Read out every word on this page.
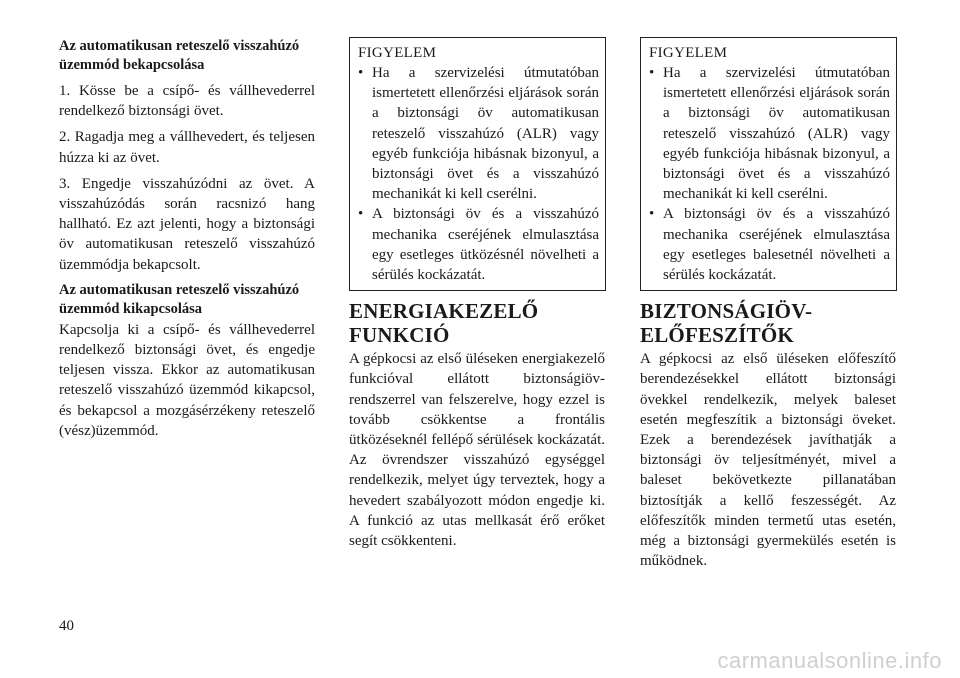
Az automatikusan reteszelő visszahúzó üzemmód bekapcsolása

1. Kösse be a csípő- és vállhevederrel rendelkező biztonsági övet.

2. Ragadja meg a vállhevedert, és teljesen húzza ki az övet.

3. Engedje visszahúzódni az övet. A visszahúzódás során racsnizó hang hallható. Ez azt jelenti, hogy a biztonsági öv automatikusan reteszelő visszahúzó üzemmódja bekapcsolt.

Az automatikusan reteszelő visszahúzó üzemmód kikapcsolása

Kapcsolja ki a csípő- és vállhevederrel rendelkező biztonsági övet, és engedje teljesen vissza. Ekkor az automatikusan reteszelő visszahúzó üzemmód kikapcsol, és bekapcsol a mozgásérzékeny reteszelő (vész)üzemmód.

FIGYELEM
• Ha a szervizelési útmutatóban ismertetett ellenőrzési eljárások során a biztonsági öv automatikusan reteszelő visszahúzó (ALR) vagy egyéb funkciója hibásnak bizonyul, a biztonsági övet és a visszahúzó mechanikát ki kell cserélni.
• A biztonsági öv és a visszahúzó mechanika cseréjének elmulasztása egy esetleges ütközésnél növelheti a sérülés kockázatát.
ENERGIAKEZELŐ FUNKCIÓ

A gépkocsi az első üléseken energiakezelő funkcióval ellátott biztonságiöv-rendszerrel van felszerelve, hogy ezzel is tovább csökkentse a frontális ütközéseknél fellépő sérülések kockázatát. Az övrendszer visszahúzó egységgel rendelkezik, melyet úgy terveztek, hogy a hevedert szabályozott módon engedje ki. A funkció az utas mellkasát érő erőket segít csökkenteni.

FIGYELEM
• Ha a szervizelési útmutatóban ismertetett ellenőrzési eljárások során a biztonsági öv automatikusan reteszelő visszahúzó (ALR) vagy egyéb funkciója hibásnak bizonyul, a biztonsági övet és a visszahúzó mechanikát ki kell cserélni.
• A biztonsági öv és a visszahúzó mechanika cseréjének elmulasztása egy esetleges balesetnél növelheti a sérülés kockázatát.
BIZTONSÁGIÖV-ELŐFESZÍTŐK

A gépkocsi az első üléseken előfeszítő berendezésekkel ellátott biztonsági övekkel rendelkezik, melyek baleset esetén megfeszítik a biztonsági öveket. Ezek a berendezések javíthatják a biztonsági öv teljesítményét, mivel a baleset bekövetkezte pillanatában biztosítják a kellő feszességét. Az előfeszítők minden termetű utas esetén, még a biztonsági gyermekülés esetén is működnek.

40
carmanualsonline.info
